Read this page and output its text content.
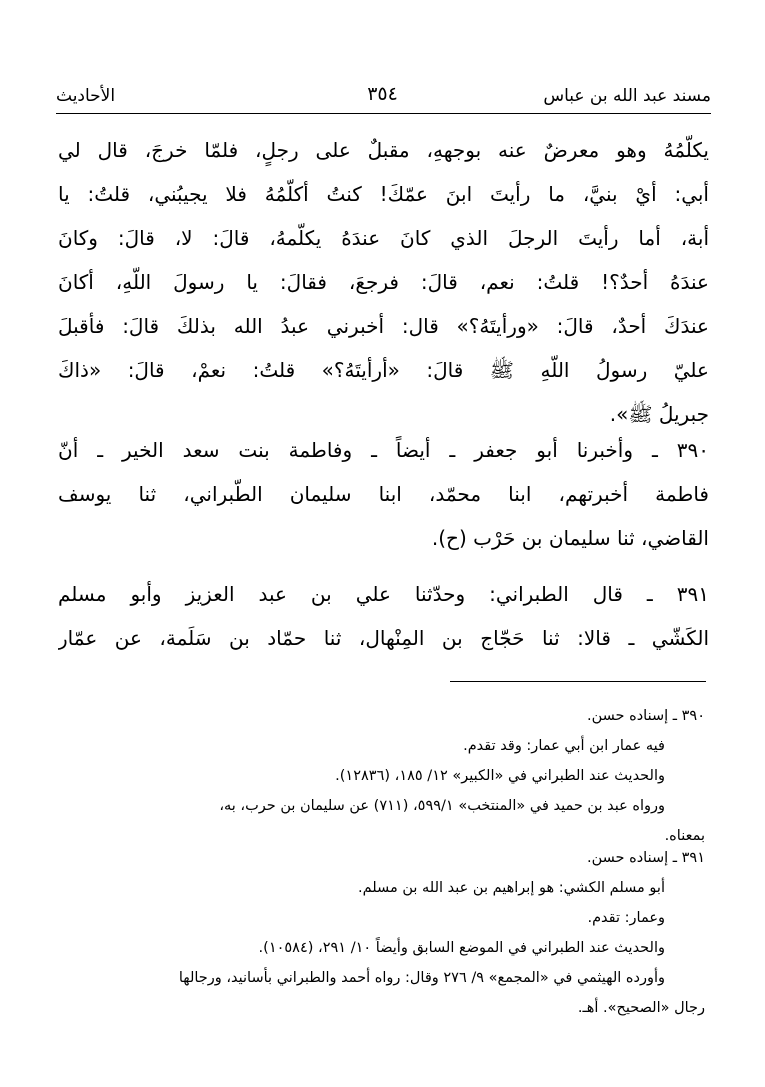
مسند عبد الله بن عباس
٣٥٤
الأحاديث
يكلّمُهُ وهو معرضٌ عنه بوجههِ، مقبلٌ على رجلٍ، فلمّا خرجَ، قال لي
أبي: أيْ بنيَّ، ما رأيتَ ابنَ عمّكَ! كنتُ أكلّمُهُ فلا يجيبُني، قلتُ: يا
أبة، أما رأيتَ الرجلَ الذي كانَ عندَهُ يكلّمهُ، قالَ: لا، قالَ: وكانَ
عندَهُ أحدٌ؟! قلتُ: نعم، قالَ: فرجعَ، فقالَ: يا رسولَ اللّهِ، أكانَ
عندَكَ أحدٌ، قالَ: «ورأيتَهُ؟» قال: أخبرني عبدُ الله بذلكَ قالَ: فأقبلَ
عليّ رسولُ اللّهِ ﷺ قالَ: «أرأيتَهُ؟» قلتُ: نعمْ، قالَ: «ذاكَ
جبريلُ ﷺ».
٣٩٠ ـ وأخبرنا أبو جعفر ـ أيضاً ـ وفاطمة بنت سعد الخير ـ أنّ
فاطمة أخبرتهم، ابنا محمّد، ابنا سليمان الطّبراني، ثنا يوسف
القاضي، ثنا سليمان بن حَرْب (ح).
٣٩١ ـ قال الطبراني: وحدّثنا علي بن عبد العزيز وأبو مسلم
الكَشّي ـ قالا: ثنا حَجّاج بن المِنْهال، ثنا حمّاد بن سَلَمة، عن عمّار
٣٩٠ ـ إسناده حسن.
فيه عمار ابن أبي عمار: وقد تقدم.
والحديث عند الطبراني في «الكبير» ١٢/ ١٨٥، (١٢٨٣٦).
ورواه عبد بن حميد في «المنتخب» ٥٩٩/١، (٧١١) عن سليمان بن حرب، به،
بمعناه.
٣٩١ ـ إسناده حسن.
أبو مسلم الكشي: هو إبراهيم بن عبد الله بن مسلم.
وعمار: تقدم.
والحديث عند الطبراني في الموضع السابق وأيضاً ١٠/ ٢٩١، (١٠٥٨٤).
وأورده الهيثمي في «المجمع» ٩/ ٢٧٦ وقال: رواه أحمد والطبراني بأسانيد، ورجالها
رجال «الصحيح». أهـ.
